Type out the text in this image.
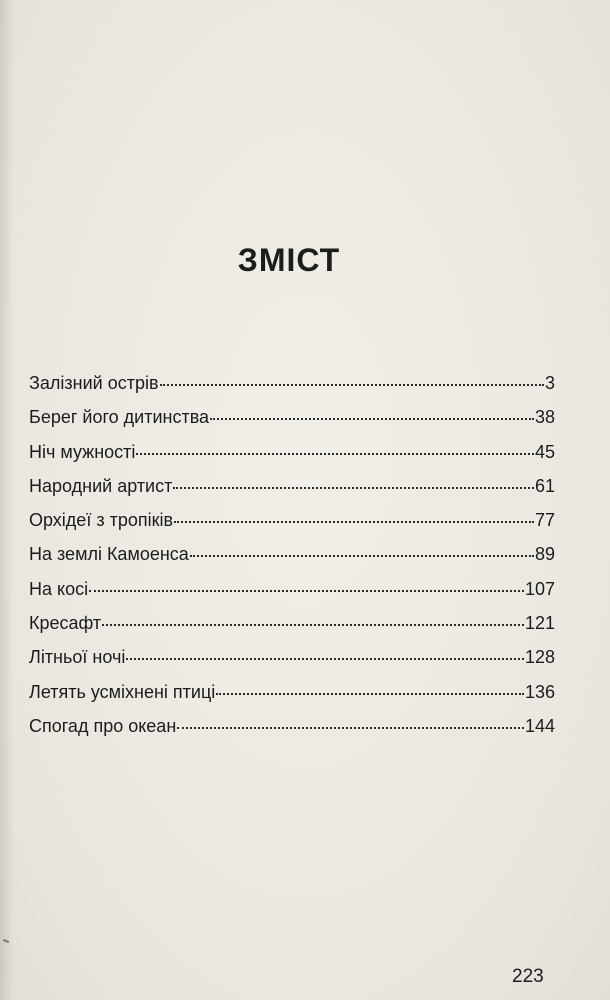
ЗМІСТ
Залізний острів	3
Берег його дитинства	38
Ніч мужності	45
Народний артист	61
Орхідеї з тропіків	77
На землі Камоенса	89
На косі	107
Кресафт	121
Літньої ночі	128
Летять усміхнені птиці	136
Спогад про океан	144
223
